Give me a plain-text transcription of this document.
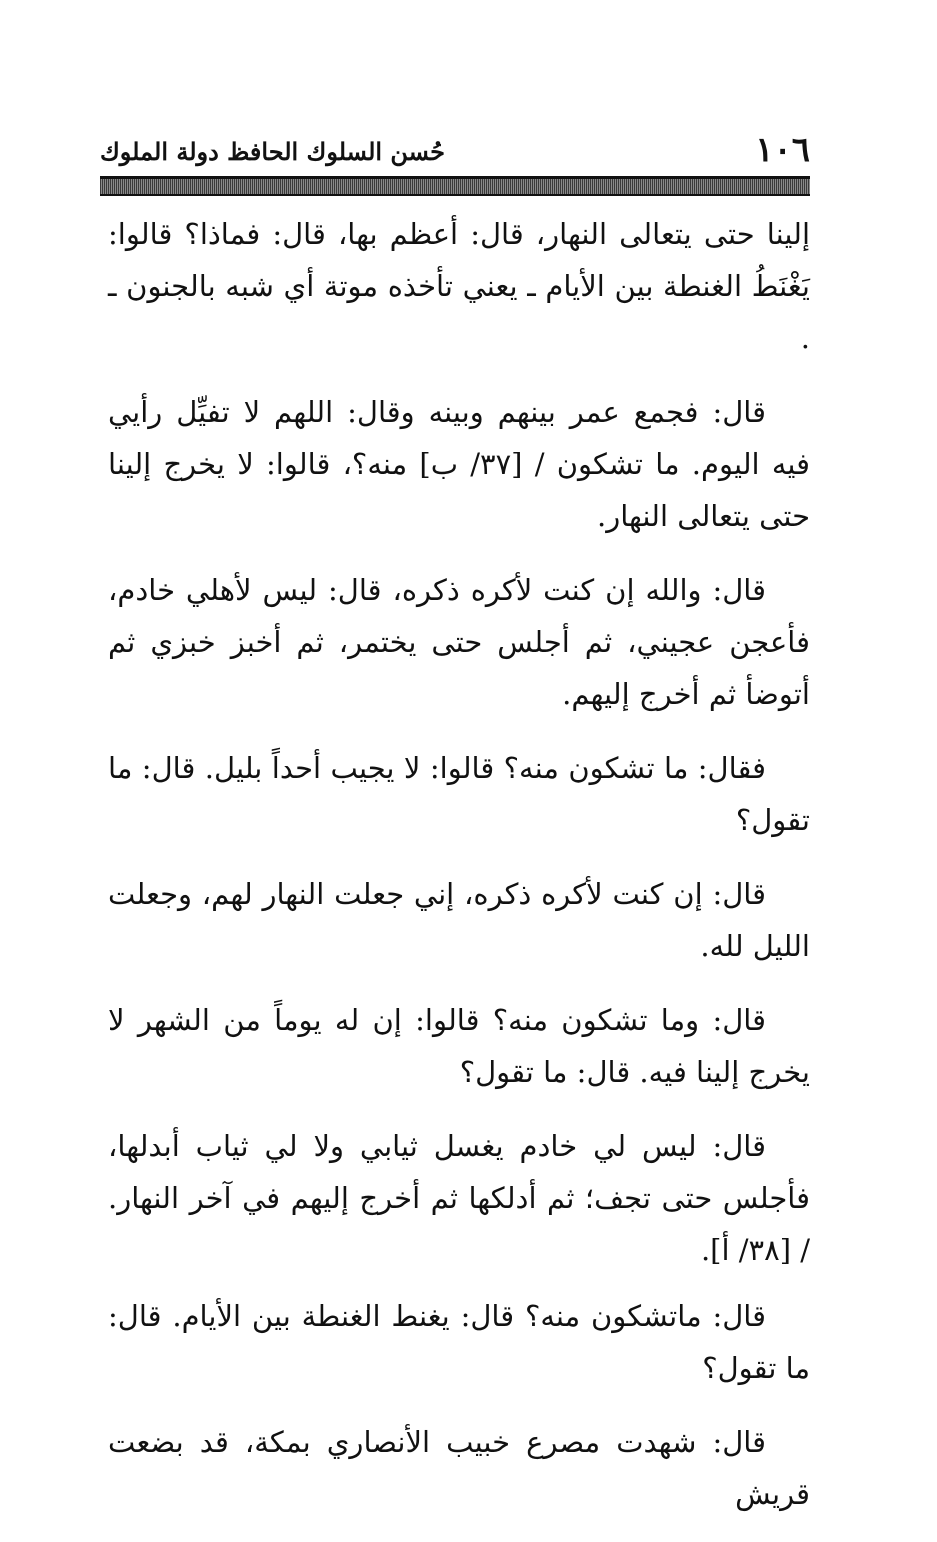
١٠٦
حُسن السلوك الحافظ دولة الملوك

إلينا حتى يتعالى النهار، قال: أعظم بها، قال: فماذا؟ قالوا: يَغْنَطُ الغنطة بين الأيام ـ يعني تأخذه موتة أي شبه بالجنون ـ .

قال: فجمع عمر بينهم وبينه وقال: اللهم لا تفيِّل رأيي فيه اليوم. ما تشكون / [٣٧/ ب] منه؟، قالوا: لا يخرج إلينا حتى يتعالى النهار.

قال: والله إن كنت لأكره ذكره، قال: ليس لأهلي خادم، فأعجن عجيني، ثم أجلس حتى يختمر، ثم أخبز خبزي ثم أتوضأ ثم أخرج إليهم.

فقال: ما تشكون منه؟ قالوا: لا يجيب أحداً بليل. قال: ما تقول؟

قال: إن كنت لأكره ذكره، إني جعلت النهار لهم، وجعلت الليل لله.

قال: وما تشكون منه؟ قالوا: إن له يوماً من الشهر لا يخرج إلينا فيه. قال: ما تقول؟

قال: ليس لي خادم يغسل ثيابي ولا لي ثياب أبدلها، فأجلس حتى تجف؛ ثم أدلكها ثم أخرج إليهم في آخر النهار. / [٣٨/ أ].

قال: ماتشكون منه؟ قال: يغنط الغنطة بين الأيام. قال: ما تقول؟

قال: شهدت مصرع خبيب الأنصاري بمكة، قد بضعت قريش
